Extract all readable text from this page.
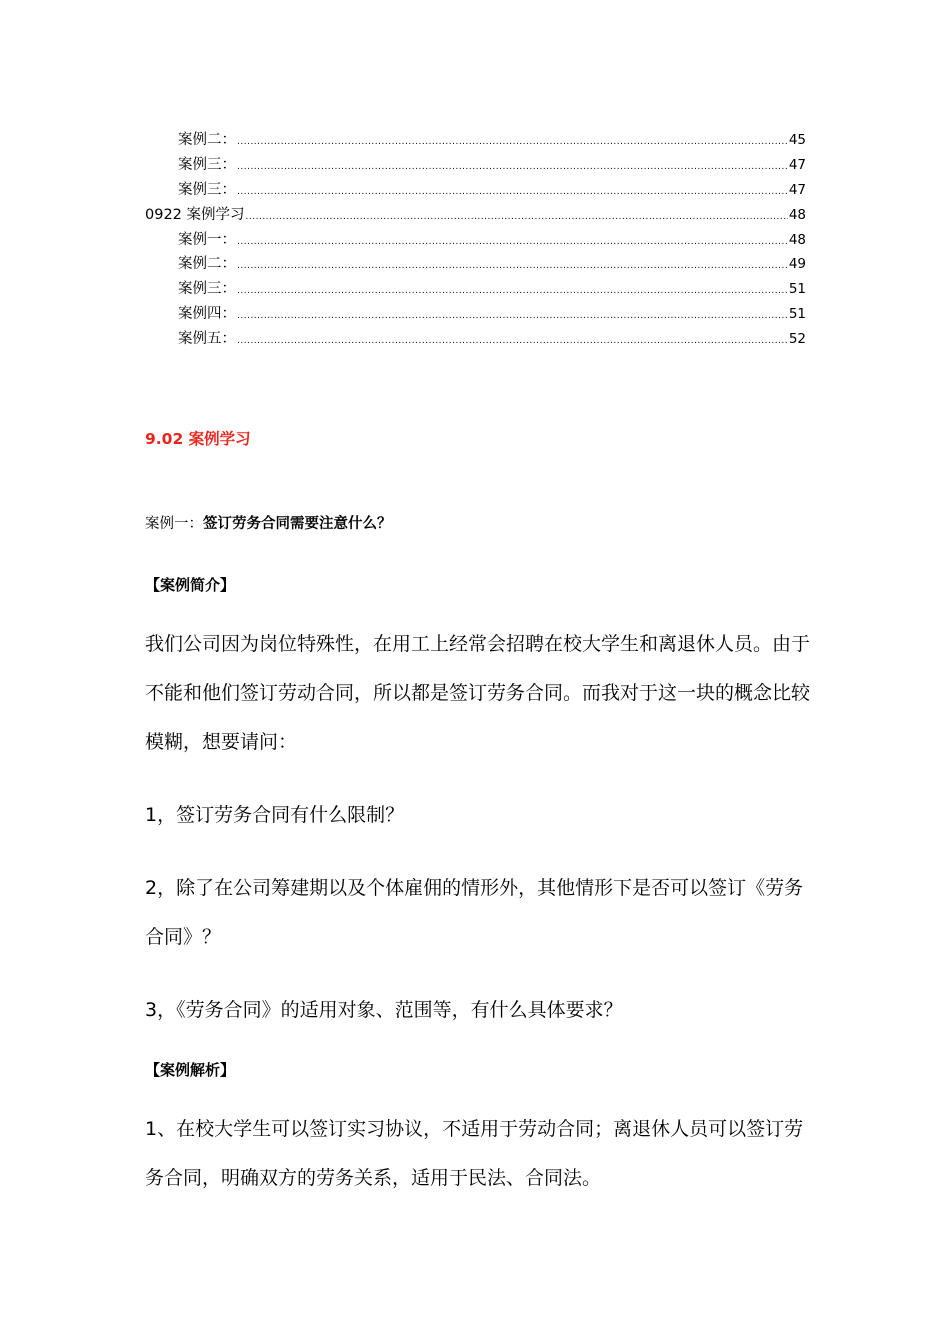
案例二： .....	45
案例三： .....	47
案例三： .....	47
0922 案例学习 .....	48
案例一： .....	48
案例二： .....	49
案例三： .....	51
案例四： .....	51
案例五： .....	52
9.02 案例学习
案例一：签订劳务合同需要注意什么？
【案例简介】

我们公司因为岗位特殊性，在用工上经常会招聘在校大学生和离退休人员。由于不能和他们签订劳动合同，所以都是签订劳务合同。而我对于这一块的概念比较模糊，想要请问：

1，签订劳务合同有什么限制？

2，除了在公司筹建期以及个体雇佣的情形外，其他情形下是否可以签订《劳务合同》？

3，《劳务合同》的适用对象、范围等，有什么具体要求？

【案例解析】

1、在校大学生可以签订实习协议，不适用于劳动合同；离退休人员可以签订劳务合同，明确双方的劳务关系，适用于民法、合同法。
